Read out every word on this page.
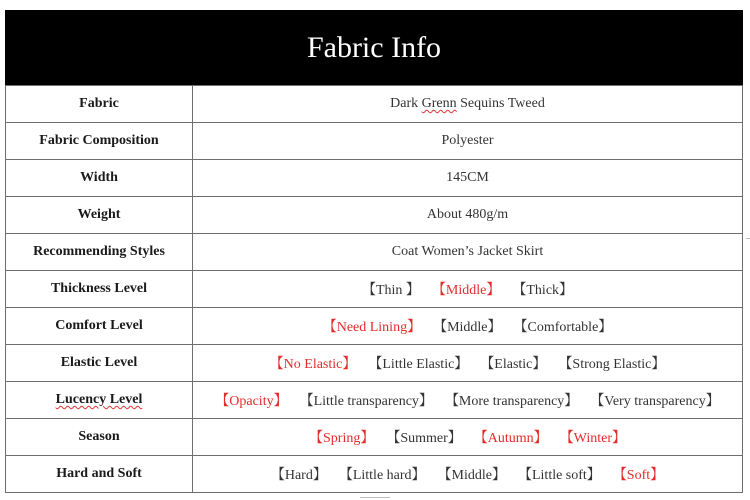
Fabric Info
Fabric	Dark Grenn Sequins Tweed
Fabric Composition	Polyester
Width	145CM
Weight	About 480g/m
Recommending Styles	Coat Women’s Jacket Skirt
Thickness Level	【Thin 】 【Middle】 【Thick】
Comfort Level	【Need Lining】 【Middle】 【Comfortable】
Elastic Level	【No Elastic】 【Little Elastic】 【Elastic】 【Strong Elastic】
Lucency Level	【Opacity】 【Little transparency】 【More transparency】 【Very transparency】
Season	【Spring】 【Summer】 【Autumn】 【Winter】
Hard and Soft	【Hard】 【Little hard】 【Middle】 【Little soft】 【Soft】
